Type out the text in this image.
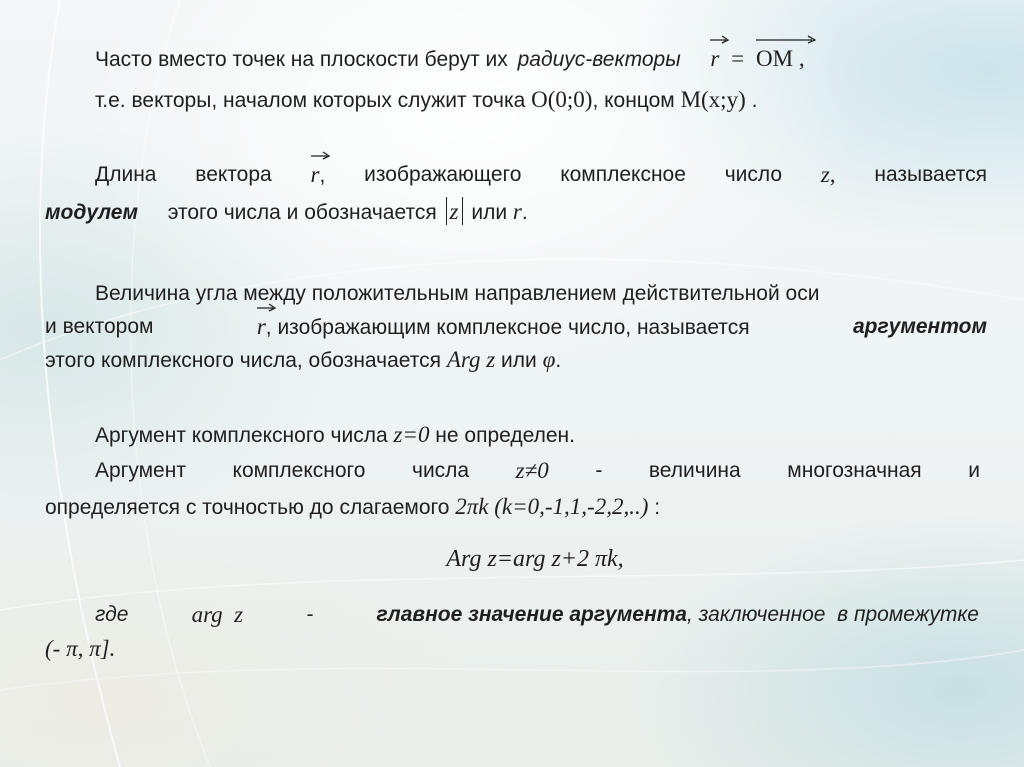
Часто вместо точек на плоскости берут их радиус-векторы r = OM ,
т.е. векторы, началом которых служит точка O(0;0), концом M(x;y) .
Длина вектора r, изображающего комплексное число z, называется
модулем этого числа и обозначается z или r.
Величина угла между положительным направлением действительной оси
и вектором	r, изображающим комплексное число, называется	аргументом
этого комплексного числа, обозначается Arg z или φ.
Аргумент комплексного числа z=0 не определен.
Аргумент комплексного числа z≠0 - величина многозначная и
определяется с точностью до слагаемого 2πk (k=0,-1,1,-2,2,..) :
Arg z=arg z+2 πk,
где	arg  z	-	главное значение аргумента, заключенное  в промежутке
(- π, π].
